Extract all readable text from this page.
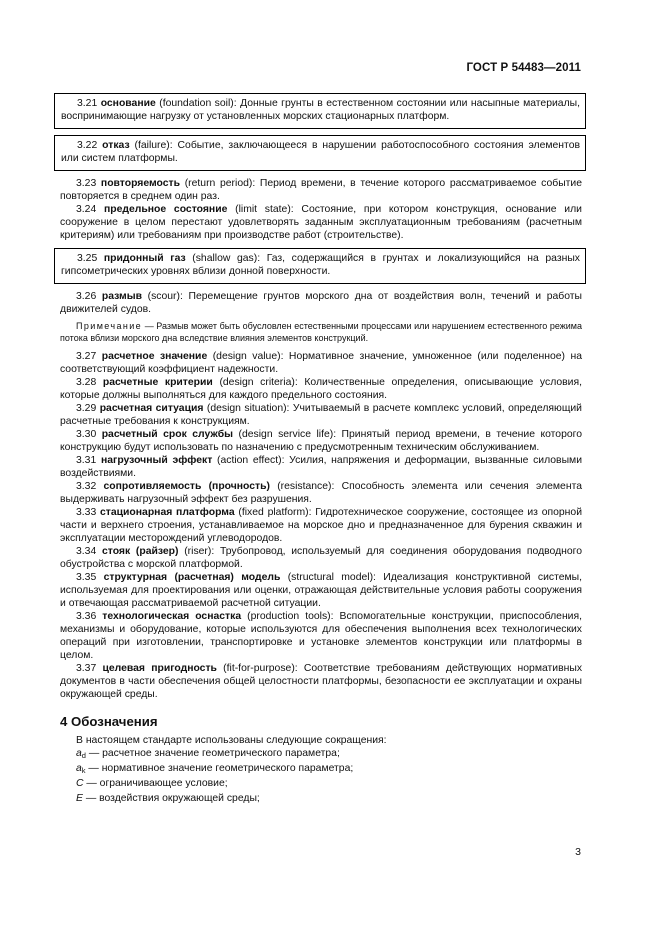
ГОСТ Р 54483—2011

3.21 основание (foundation soil): Донные грунты в естественном состоянии или насыпные материалы, воспринимающие нагрузку от установленных морских стационарных платформ.

3.22 отказ (failure): Событие, заключающееся в нарушении работоспособного состояния элементов или систем платформы.

3.23 повторяемость (return period): Период времени, в течение которого рассматриваемое событие повторяется в среднем один раз.

3.24 предельное состояние (limit state): Состояние, при котором конструкция, основание или сооружение в целом перестают удовлетворять заданным эксплуатационным требованиям (расчетным критериям) или требованиям при производстве работ (строительстве).

3.25 придонный газ (shallow gas): Газ, содержащийся в грунтах и локализующийся на разных гипсометрических уровнях вблизи донной поверхности.

3.26 размыв (scour): Перемещение грунтов морского дна от воздействия волн, течений и работы движителей судов.

Примечание — Размыв может быть обусловлен естественными процессами или нарушением естественного режима потока вблизи морского дна вследствие влияния элементов конструкций.

3.27 расчетное значение (design value): Нормативное значение, умноженное (или поделенное) на соответствующий коэффициент надежности.

3.28 расчетные критерии (design criteria): Количественные определения, описывающие условия, которые должны выполняться для каждого предельного состояния.

3.29 расчетная ситуация (design situation): Учитываемый в расчете комплекс условий, определяющий расчетные требования к конструкциям.

3.30 расчетный срок службы (design service life): Принятый период времени, в течение которого конструкцию будут использовать по назначению с предусмотренным техническим обслуживанием.

3.31 нагрузочный эффект (action effect): Усилия, напряжения и деформации, вызванные силовыми воздействиями.

3.32 сопротивляемость (прочность) (resistance): Способность элемента или сечения элемента выдерживать нагрузочный эффект без разрушения.

3.33 стационарная платформа (fixed platform): Гидротехническое сооружение, состоящее из опорной части и верхнего строения, устанавливаемое на морское дно и предназначенное для бурения скважин и эксплуатации месторождений углеводородов.

3.34 стояк (райзер) (riser): Трубопровод, используемый для соединения оборудования подводного обустройства с морской платформой.

3.35 структурная (расчетная) модель (structural model): Идеализация конструктивной системы, используемая для проектирования или оценки, отражающая действительные условия работы сооружения и отвечающая рассматриваемой расчетной ситуации.

3.36 технологическая оснастка (production tools): Вспомогательные конструкции, приспособления, механизмы и оборудование, которые используются для обеспечения выполнения всех технологических операций при изготовлении, транспортировке и установке элементов конструкции или платформы в целом.

3.37 целевая пригодность (fit-for-purpose): Соответствие требованиям действующих нормативных документов в части обеспечения общей целостности платформы, безопасности ее эксплуатации и охраны окружающей среды.

4 Обозначения

В настоящем стандарте использованы следующие сокращения:

$a_d$ — расчетное значение геометрического параметра;

$a_k$ — нормативное значение геометрического параметра;

C — ограничивающее условие;

E — воздействия окружающей среды;

3
